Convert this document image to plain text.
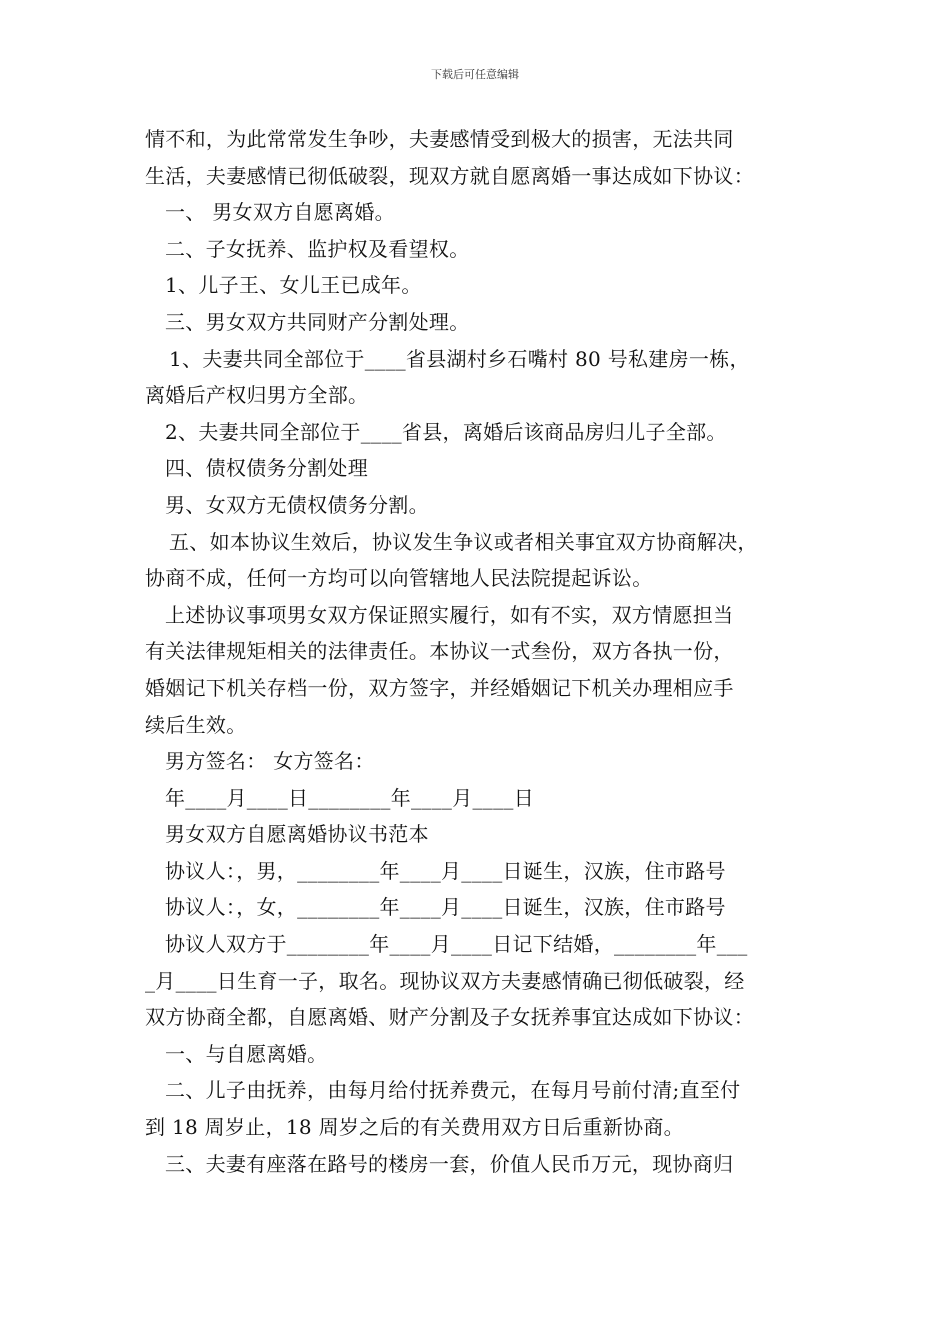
下载后可任意编辑
情不和，为此常常发生争吵，夫妻感情受到极大的损害，无法共同
生活，夫妻感情已彻低破裂，现双方就自愿离婚一事达成如下协议：
一、 男女双方自愿离婚。
二、子女抚养、监护权及看望权。
1、儿子王、女儿王已成年。
三、男女双方共同财产分割处理。
1、夫妻共同全部位于____省县湖村乡石嘴村 80 号私建房一栋，
离婚后产权归男方全部。
2、夫妻共同全部位于____省县，离婚后该商品房归儿子全部。
四、债权债务分割处理
男、女双方无债权债务分割。
五、如本协议生效后，协议发生争议或者相关事宜双方协商解决，
协商不成，任何一方均可以向管辖地人民法院提起诉讼。
上述协议事项男女双方保证照实履行，如有不实，双方情愿担当
有关法律规矩相关的法律责任。本协议一式叁份，双方各执一份，
婚姻记下机关存档一份，双方签字，并经婚姻记下机关办理相应手
续后生效。
男方签名： 女方签名：
年____月____日________年____月____日
男女双方自愿离婚协议书范本
协议人：，男，________年____月____日诞生，汉族，住市路号
协议人：，女，________年____月____日诞生，汉族，住市路号
协议人双方于________年____月____日记下结婚，________年___
_月____日生育一子，取名。现协议双方夫妻感情确已彻低破裂，经
双方协商全都，自愿离婚、财产分割及子女抚养事宜达成如下协议：
一、与自愿离婚。
二、儿子由抚养，由每月给付抚养费元，在每月号前付清;直至付
到 18 周岁止，18 周岁之后的有关费用双方日后重新协商。
三、夫妻有座落在路号的楼房一套，价值人民币万元，现协商归
